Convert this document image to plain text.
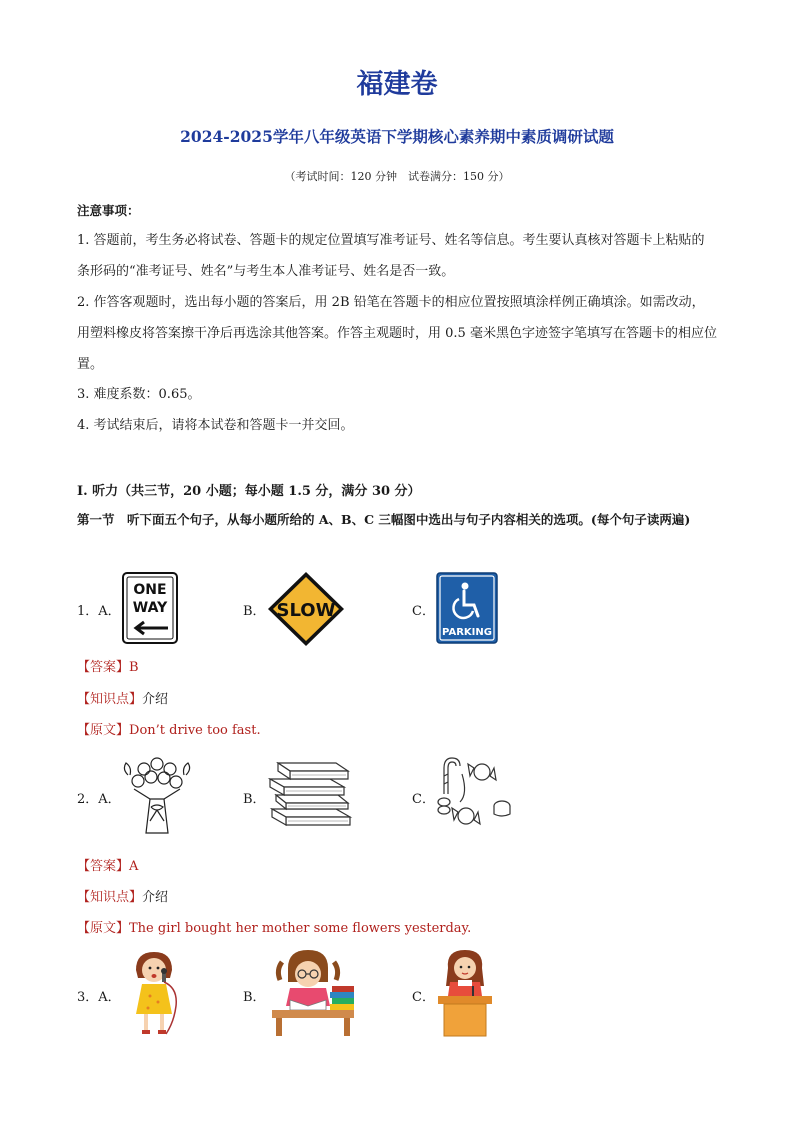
福建卷
2024-2025学年八年级英语下学期核心素养期中素质调研试题
（考试时间：120 分钟　试卷满分：150 分）
注意事项：
1. 答题前，考生务必将试卷、答题卡的规定位置填写准考证号、姓名等信息。考生要认真核对答题卡上粘贴的条形码的“准考证号、姓名”与考生本人准考证号、姓名是否一致。
2. 作答客观题时，选出每小题的答案后，用 2B 铅笔在答题卡的相应位置按照填涂样例正确填涂。如需改动，用塑料橡皮将答案擦干净后再选涂其他答案。作答主观题时，用 0.5 毫米黑色字迹签字笔填写在答题卡的相应位置。
3. 难度系数：0.65。
4. 考试结束后，请将本试卷和答题卡一并交回。
I. 听力（共三节，20 小题；每小题 1.5 分，满分 30 分）
第一节　听下面五个句子，从每小题所给的 A、B、C 三幅图中选出与句子内容相关的选项。(每个句子读两遍)
1．A．
ONE
WAY	B． SLOW	C．
PARKING
【答案】B
【知识点】介绍
【原文】Don’t drive too fast.
2．A．	B．	C．
【答案】A
【知识点】介绍
【原文】The girl bought her mother some flowers yesterday.
3．A．	B．	C．
